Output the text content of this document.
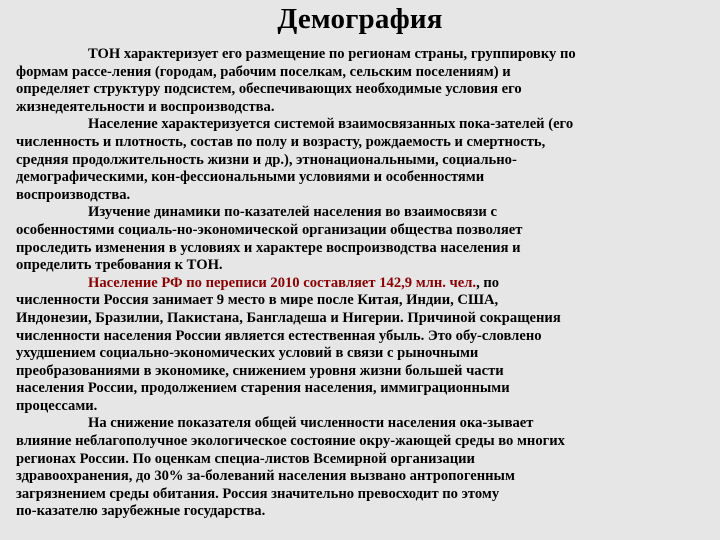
Демография
ТОН характеризует его размещение по регионам страны, группировку по
формам рассе-ления (городам, рабочим поселкам, сельским поселениям) и
определяет структуру подсистем, обеспечивающих необходимые условия его
жизнедеятельности и воспроизводства.
Население характеризуется системой взаимосвязанных пока-зателей (его
численность и плотность, состав по полу и возрасту, рождаемость и смертность,
средняя продолжительность жизни и др.), этнонациональными, социально-
демографическими, кон-фессиональными условиями и особенностями
воспроизводства.
Изучение динамики по-казателей населения во взаимосвязи с
особенностями социаль-но-экономической организации общества позволяет
проследить изменения в условиях и характере воспроизводства населения и
определить требования к ТОН.
Население РФ по переписи 2010 составляет 142,9 млн. чел., по
численности Россия занимает 9 место в мире после Китая, Индии, США,
Индонезии, Бразилии, Пакистана, Бангладеша и Нигерии. Причиной сокращения
численности населения России является естественная убыль. Это обу-словлено
ухудшением социально-экономических условий в связи с рыночными
преобразованиями в экономике, снижением уровня жизни большей части
населения России, продолжением старения населения, иммиграционными
процессами.
На снижение показателя общей численности населения ока-зывает
влияние неблагополучное экологическое состояние окру-жающей среды во многих
регионах России. По оценкам специа-листов Всемирной организации
здравоохранения, до 30% за-болеваний населения вызвано антропогенным
загрязнением среды обитания. Россия значительно превосходит по этому
по-казателю зарубежные государства.
